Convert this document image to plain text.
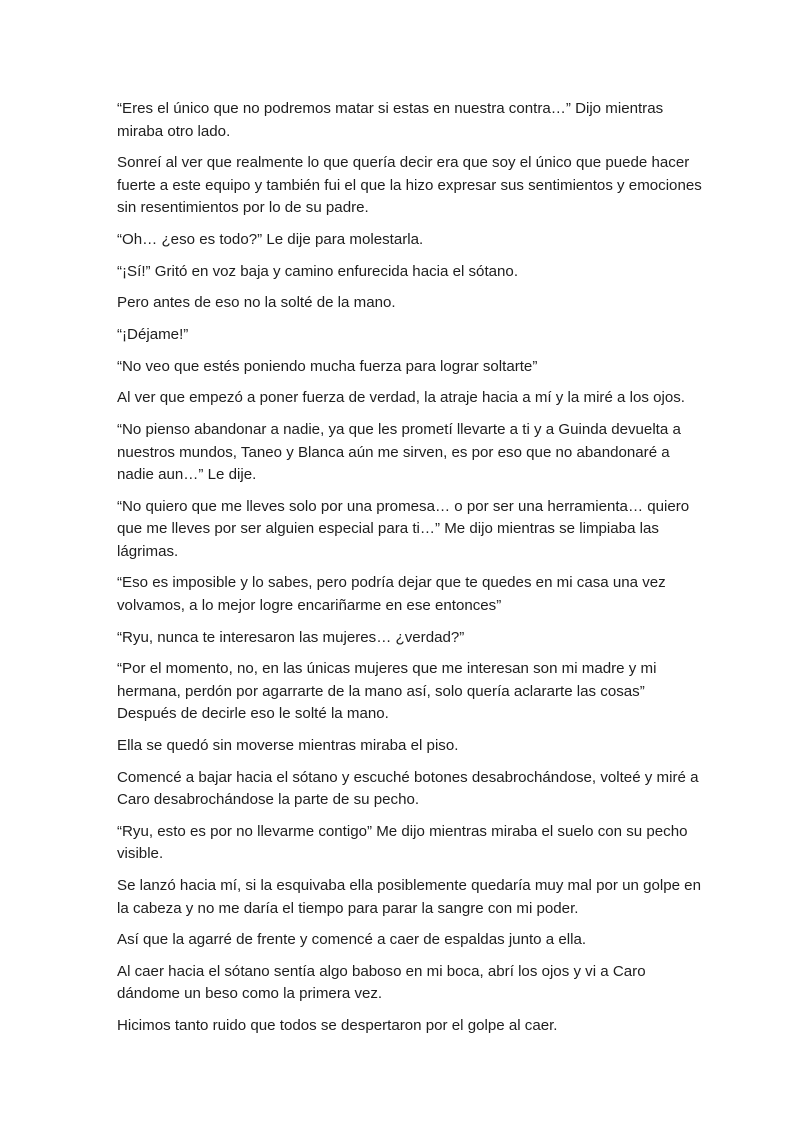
“Eres el único que no podremos matar si estas en nuestra contra…” Dijo mientras miraba otro lado.

Sonreí al ver que realmente lo que quería decir era que soy el único que puede hacer fuerte a este equipo y también fui el que la hizo expresar sus sentimientos y emociones sin resentimientos por lo de su padre.

“Oh… ¿eso es todo?” Le dije para molestarla.

“¡Sí!” Gritó en voz baja y camino enfurecida hacia el sótano.

Pero antes de eso no la solté de la mano.

“¡Déjame!”

“No veo que estés poniendo mucha fuerza para lograr soltarte”

Al ver que empezó a poner fuerza de verdad, la atraje hacia a mí y la miré a los ojos.

“No pienso abandonar a nadie, ya que les prometí llevarte a ti y a Guinda devuelta a nuestros mundos, Taneo y Blanca aún me sirven, es por eso que no abandonaré a nadie aun…” Le dije.

“No quiero que me lleves solo por una promesa… o por ser una herramienta… quiero que me lleves por ser alguien especial para ti…” Me dijo mientras se limpiaba las lágrimas.

“Eso es imposible y lo sabes, pero podría dejar que te quedes en mi casa una vez volvamos, a lo mejor logre encariñarme en ese entonces”

“Ryu, nunca te interesaron las mujeres… ¿verdad?”

“Por el momento, no, en las únicas mujeres que me interesan son mi madre y mi hermana, perdón por agarrarte de la mano así, solo quería aclararte las cosas” Después de decirle eso le solté la mano.

Ella se quedó sin moverse mientras miraba el piso.

Comencé a bajar hacia el sótano y escuché botones desabrochándose, volteé y miré a Caro desabrochándose la parte de su pecho.

“Ryu, esto es por no llevarme contigo” Me dijo mientras miraba el suelo con su pecho visible.

Se lanzó hacia mí, si la esquivaba ella posiblemente quedaría muy mal por un golpe en la cabeza y no me daría el tiempo para parar la sangre con mi poder.

Así que la agarré de frente y comencé a caer de espaldas junto a ella.

Al caer hacia el sótano sentía algo baboso en mi boca, abrí los ojos y vi a Caro dándome un beso como la primera vez.

Hicimos tanto ruido que todos se despertaron por el golpe al caer.
